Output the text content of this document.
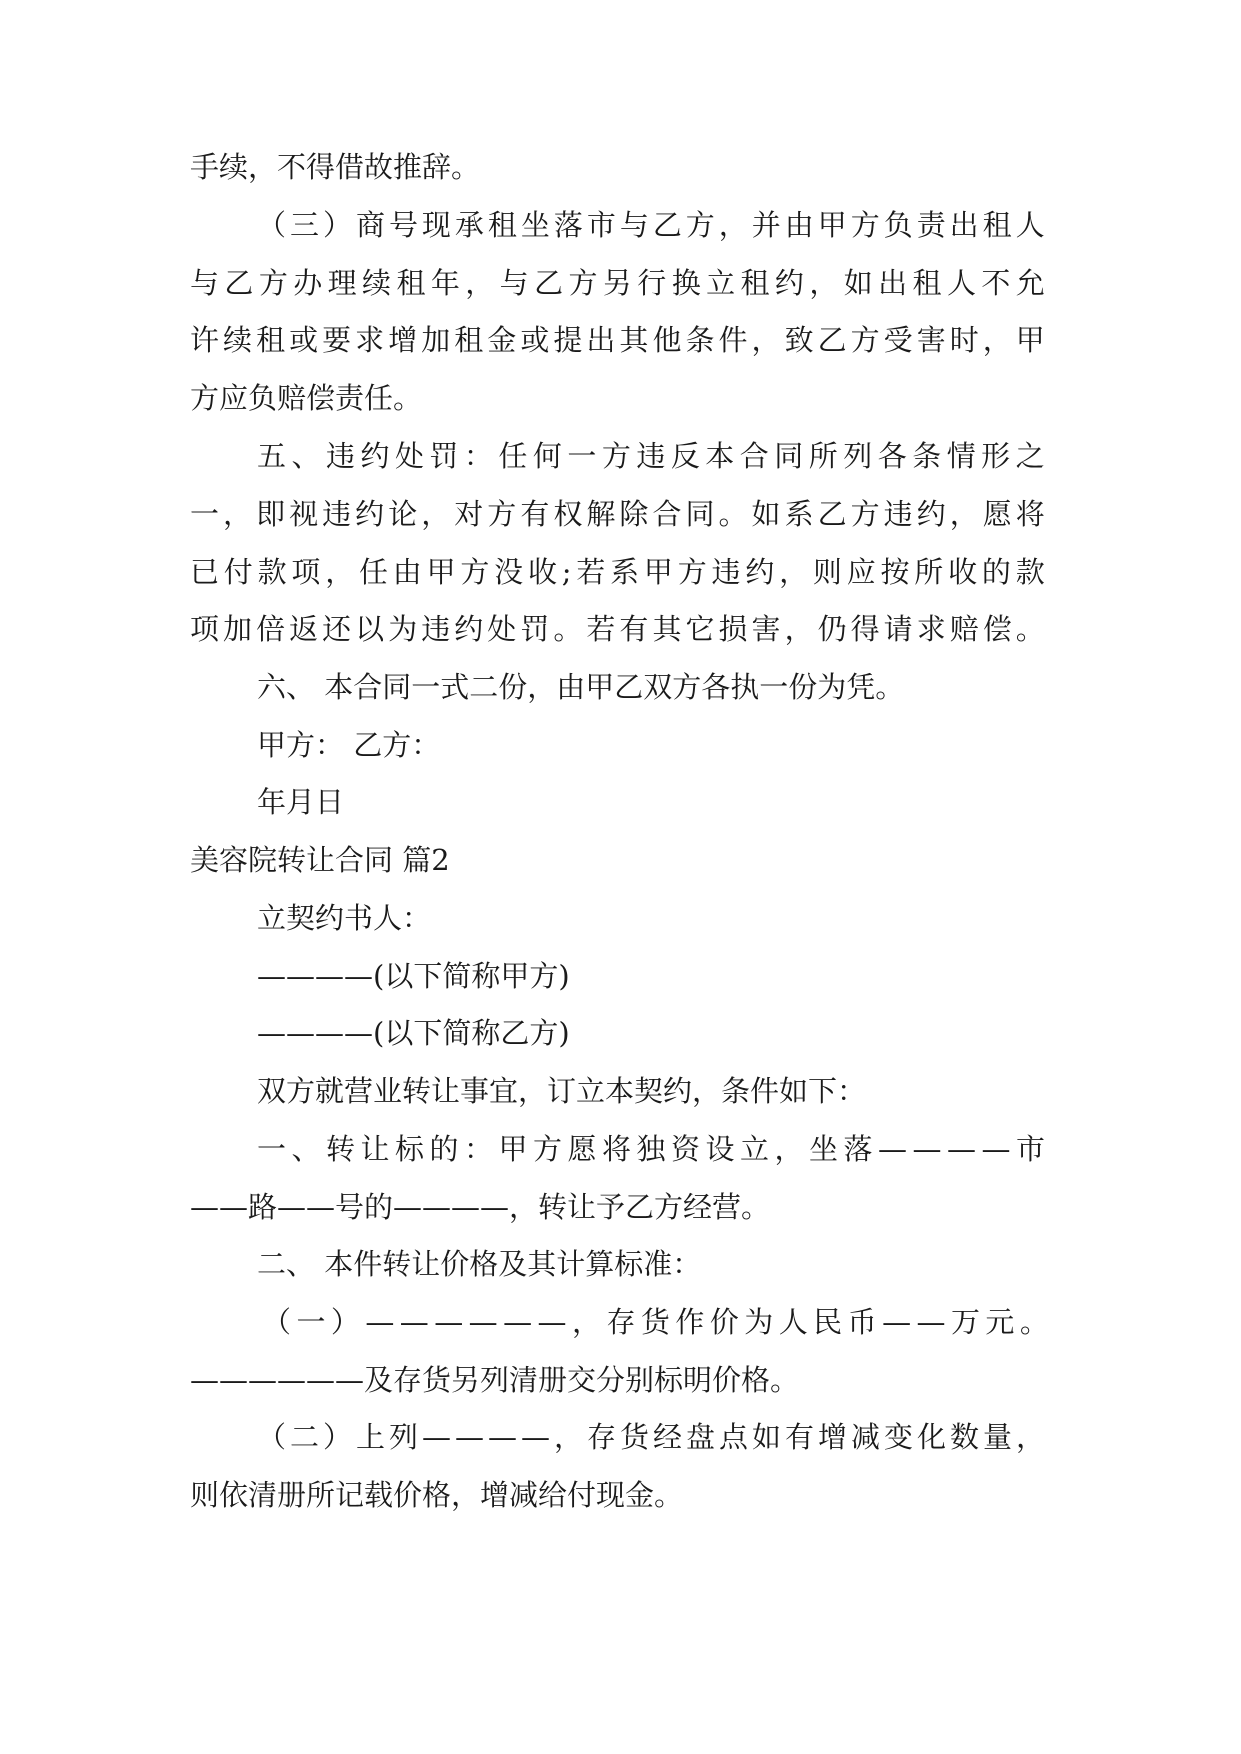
手续，不得借故推辞。
（ 三 ） 商 号 现 承 租 坐 落 市 与 乙 方 ， 并 由 甲 方 负 责 出 租 人
与 乙 方 办 理 续 租 年 ， 与 乙 方 另 行 换 立 租 约 ， 如 出 租 人 不 允
许 续 租 或 要 求 增 加 租 金 或 提 出 其 他 条 件 ， 致 乙 方 受 害 时 ， 甲
方应负赔偿责任。
五 、 违 约 处 罚 ： 任 何 一 方 违 反 本 合 同 所 列 各 条 情 形 之
一 ， 即 视 违 约 论 ， 对 方 有 权 解 除 合 同 。 如 系 乙 方 违 约 ， 愿 将
已 付 款 项 ， 任 由 甲 方 没 收 ; 若 系 甲 方 违 约 ， 则 应 按 所 收 的 款
项 加 倍 返 还 以 为 违 约 处 罚 。 若 有 其 它 损 害 ， 仍 得 请 求 赔 偿 。
六、 本合同一式二份，由甲乙双方各执一份为凭。
甲方： 乙方：
年月日
美容院转让合同 篇2
立契约书人：
————(以下简称甲方)
————(以下简称乙方)
双方就营业转让事宜，订立本契约，条件如下：
一 、 转 让 标 的 ： 甲 方 愿 将 独 资 设 立 ， 坐 落 — — — — 市
——路——号的————，转让予乙方经营。
二、 本件转让价格及其计算标准：
（ 一 ） — — — — — — ， 存 货 作 价 为 人 民 币 — — 万 元 。
——————及存货另列清册交分别标明价格。
（ 二 ） 上 列 — — — — ， 存 货 经 盘 点 如 有 增 减 变 化 数 量 ，
则依清册所记载价格，增减给付现金。
